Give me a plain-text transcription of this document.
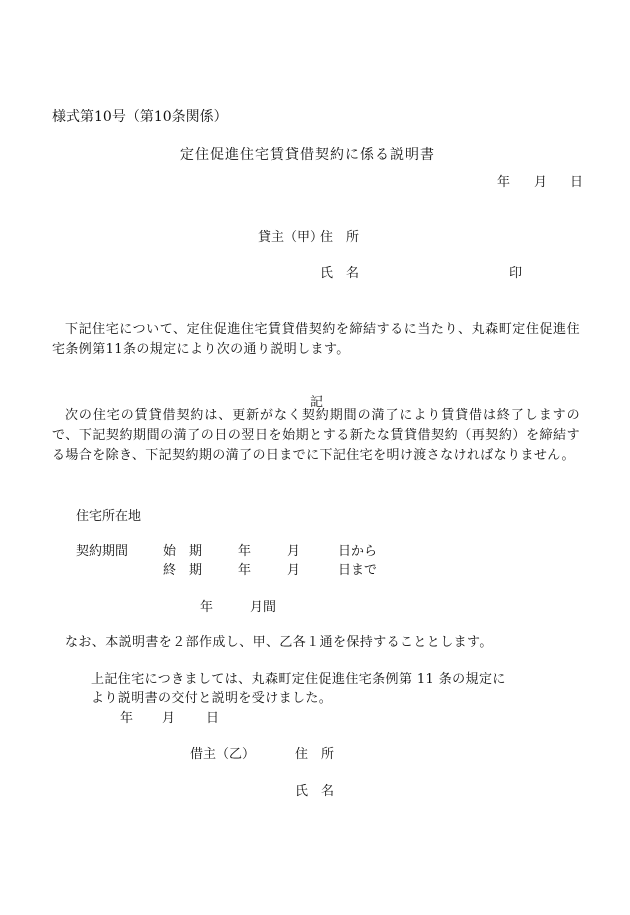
様式第10号（第10条関係）
定住促進住宅賃貸借契約に係る説明書
年 月 日
貸主（甲）
住　所
氏　名	印
下記住宅について、定住促進住宅賃貸借契約を締結するに当たり、丸森町定住促進住宅条例第11条の規定により次の通り説明します。
記
次の住宅の賃貸借契約は、更新がなく契約期間の満了により賃貸借は終了しますので、下記契約期間の満了の日の翌日を始期とする新たな賃貸借契約（再契約）を締結する場合を除き、下記契約期の満了の日までに下記住宅を明け渡さなければなりません。
住宅所在地
契約期間	始　期	年	月	日から
終　期	年	月	日まで
年	月間
なお、本説明書を２部作成し、甲、乙各１通を保持することとします。
上記住宅につきましては、丸森町定住促進住宅条例第 11 条の規定に
より説明書の交付と説明を受けました。
年 月 日
借主（乙）	住　所
氏　名
